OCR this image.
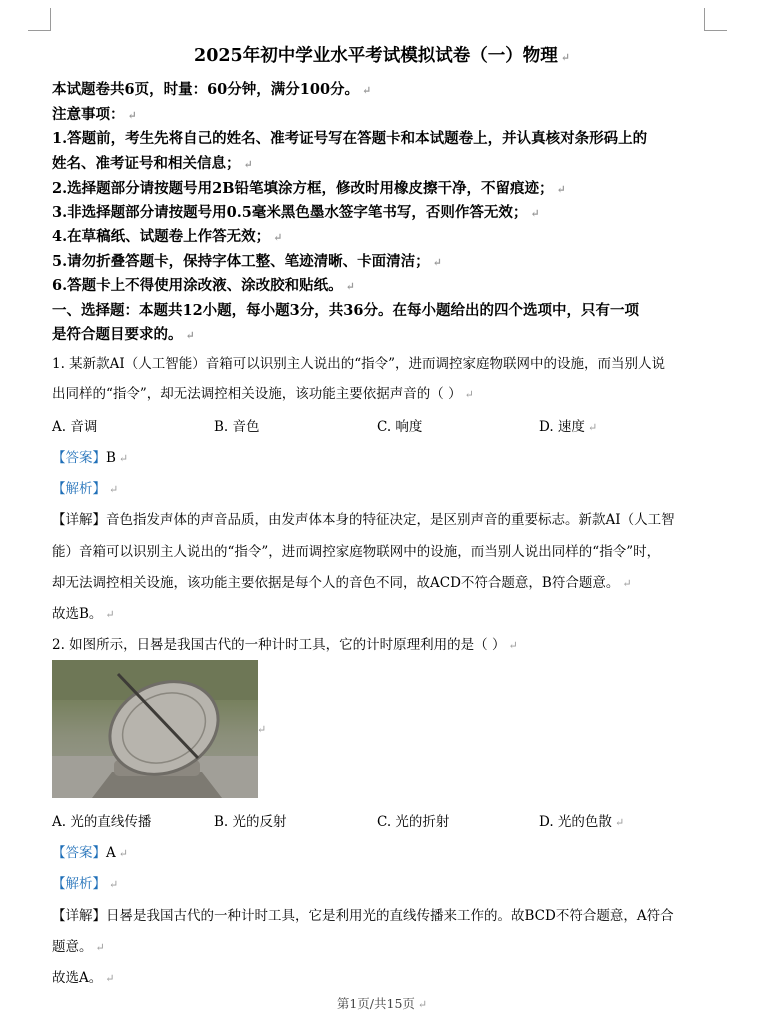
2025年初中学业水平考试模拟试卷（一）物理 ↵
本试题卷共6页，时量：60分钟，满分100分。 ↵
注意事项： ↵
1.答题前，考生先将自己的姓名、准考证号写在答题卡和本试题卷上，并认真核对条形码上的
姓名、准考证号和相关信息； ↵
2.选择题部分请按题号用2B铅笔填涂方框，修改时用橡皮擦干净，不留痕迹； ↵
3.非选择题部分请按题号用0.5毫米黑色墨水签字笔书写，否则作答无效； ↵
4.在草稿纸、试题卷上作答无效； ↵
5.请勿折叠答题卡，保持字体工整、笔迹清晰、卡面清洁； ↵
6.答题卡上不得使用涂改液、涂改胶和贴纸。 ↵
一、选择题：本题共12小题，每小题3分，共36分。在每小题给出的四个选项中，只有一项
是符合题目要求的。 ↵
1. 某新款AI（人工智能）音箱可以识别主人说出的“指令”，进而调控家庭物联网中的设施，而当别人说
出同样的“指令”，却无法调控相关设施，该功能主要依据声音的（ ） ↵
A. 音调	B. 音色	C. 响度	D. 速度 ↵
【答案】B ↵
【解析】 ↵
【详解】音色指发声体的声音品质，由发声体本身的特征决定，是区别声音的重要标志。新款AI（人工智
能）音箱可以识别主人说出的“指令”，进而调控家庭物联网中的设施，而当别人说出同样的“指令”时，
却无法调控相关设施，该功能主要依据是每个人的音色不同，故ACD不符合题意，B符合题意。 ↵
故选B。 ↵
2. 如图所示，日晷是我国古代的一种计时工具，它的计时原理利用的是（ ） ↵
↵
A. 光的直线传播	B. 光的反射	C. 光的折射	D. 光的色散 ↵
【答案】A ↵
【解析】 ↵
【详解】日晷是我国古代的一种计时工具，它是利用光的直线传播来工作的。故BCD不符合题意，A符合
题意。 ↵
故选A。 ↵
第1页/共15页 ↵
